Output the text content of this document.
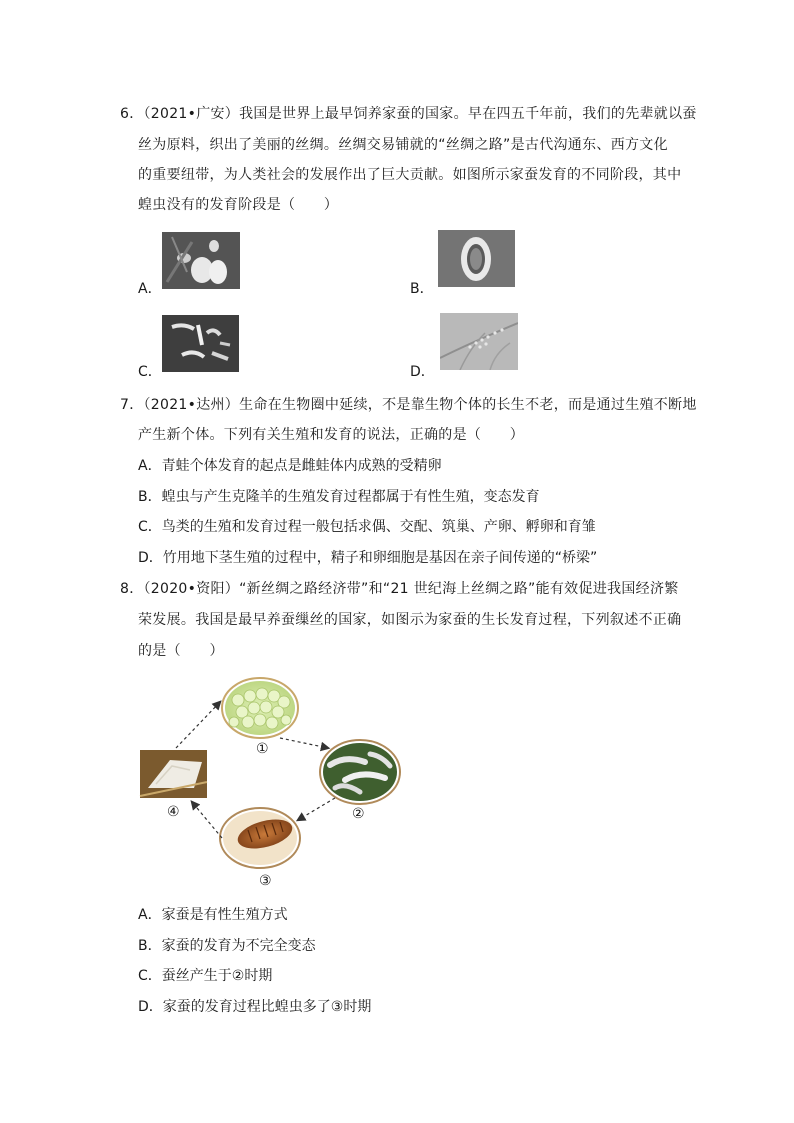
6．（2021•广安）我国是世界上最早饲养家蚕的国家。早在四五千年前，我们的先辈就以蚕
丝为原料，织出了美丽的丝绸。丝绸交易铺就的“丝绸之路”是古代沟通东、西方文化
的重要纽带，为人类社会的发展作出了巨大贡献。如图所示家蚕发育的不同阶段，其中
蝗虫没有的发育阶段是（　　）
A．	B．
C．	D．
7．（2021•达州）生命在生物圈中延续，不是靠生物个体的长生不老，而是通过生殖不断地
产生新个体。下列有关生殖和发育的说法，正确的是（　　）
A．青蛙个体发育的起点是雌蛙体内成熟的受精卵
B．蝗虫与产生克隆羊的生殖发育过程都属于有性生殖，变态发育
C．鸟类的生殖和发育过程一般包括求偶、交配、筑巢、产卵、孵卵和育雏
D．竹用地下茎生殖的过程中，精子和卵细胞是基因在亲子间传递的“桥梁”
8．（2020•资阳）“新丝绸之路经济带”和“21 世纪海上丝绸之路”能有效促进我国经济繁
荣发展。我国是最早养蚕缫丝的国家，如图示为家蚕的生长发育过程，下列叙述不正确
的是（　　）
①
②
③
④
A．家蚕是有性生殖方式
B．家蚕的发育为不完全变态
C．蚕丝产生于②时期
D．家蚕的发育过程比蝗虫多了③时期
